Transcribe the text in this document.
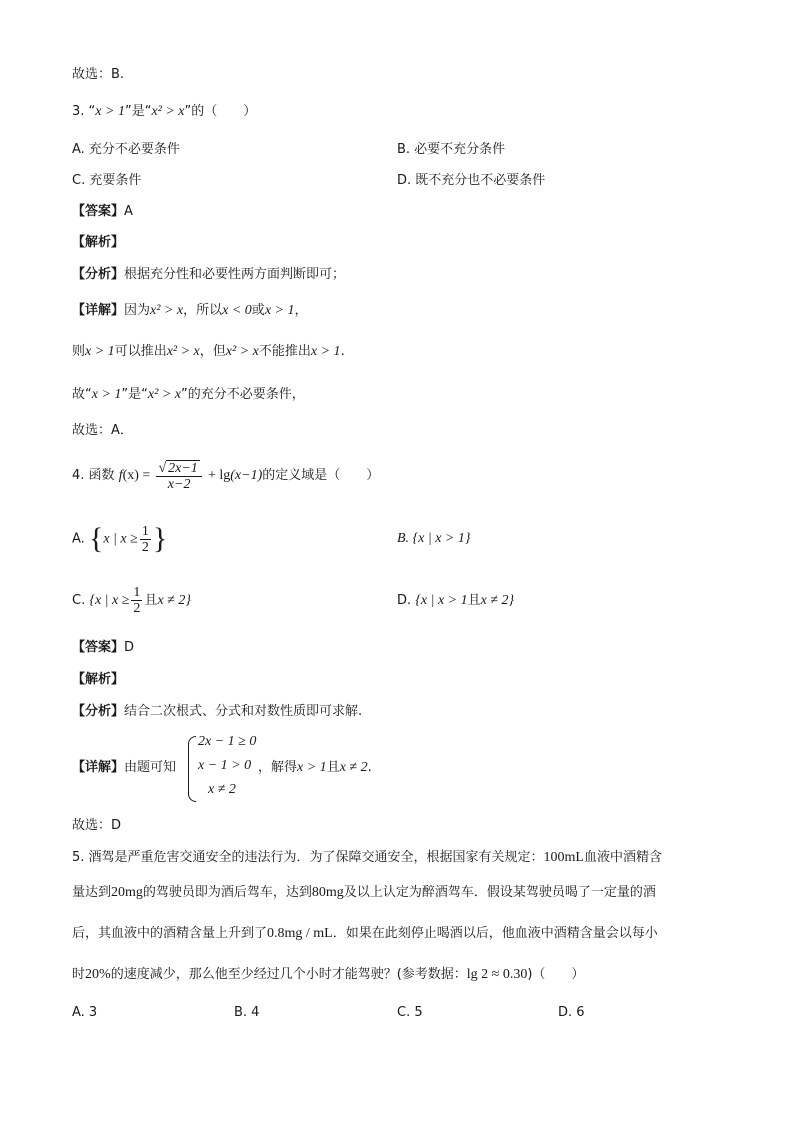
故选：B.
3. “x > 1”是“x² > x”的（　　）
A. 充分不必要条件	B. 必要不充分条件
C. 充要条件	D. 既不充分也不必要条件
【答案】A
【解析】
【分析】根据充分性和必要性两方面判断即可；
【详解】因为x² > x，所以x < 0或x > 1，
则x > 1可以推出x² > x，但x² > x不能推出x > 1.
故“x > 1”是“x² > x”的充分不必要条件，
故选：A．
4. 函数 $f(x) = \frac{√ 2x-1}{x-2} + \lg(x-1)$的定义域是（　　）
A. {x | $x \ge \frac{1}{2}$ }	B. {x | x > 1}
C. {x | $x \ge \frac{1}{2}$ 且x ≠ 2}	D. {x | x > 1且x ≠ 2}
【答案】D
【解析】
【分析】结合二次根式、分式和对数性质即可求解.
【详解】由题可知
2x − 1 ≥ 0
x − 1 > 0
x ≠ 2
，解得x > 1且x ≠ 2.
故选：D
5. 酒驾是严重危害交通安全的违法行为．为了保障交通安全，根据国家有关规定：100mL血液中酒精含
量达到20mg的驾驶员即为酒后驾车，达到80mg及以上认定为醉酒驾车．假设某驾驶员喝了一定量的酒
后，其血液中的酒精含量上升到了0.8mg / mL．如果在此刻停止喝酒以后，他血液中酒精含量会以每小
时20%的速度减少，那么他至少经过几个小时才能驾驶？(参考数据：lg 2 ≈ 0.30)（　　）
A. 3	B. 4	C. 5	D. 6
